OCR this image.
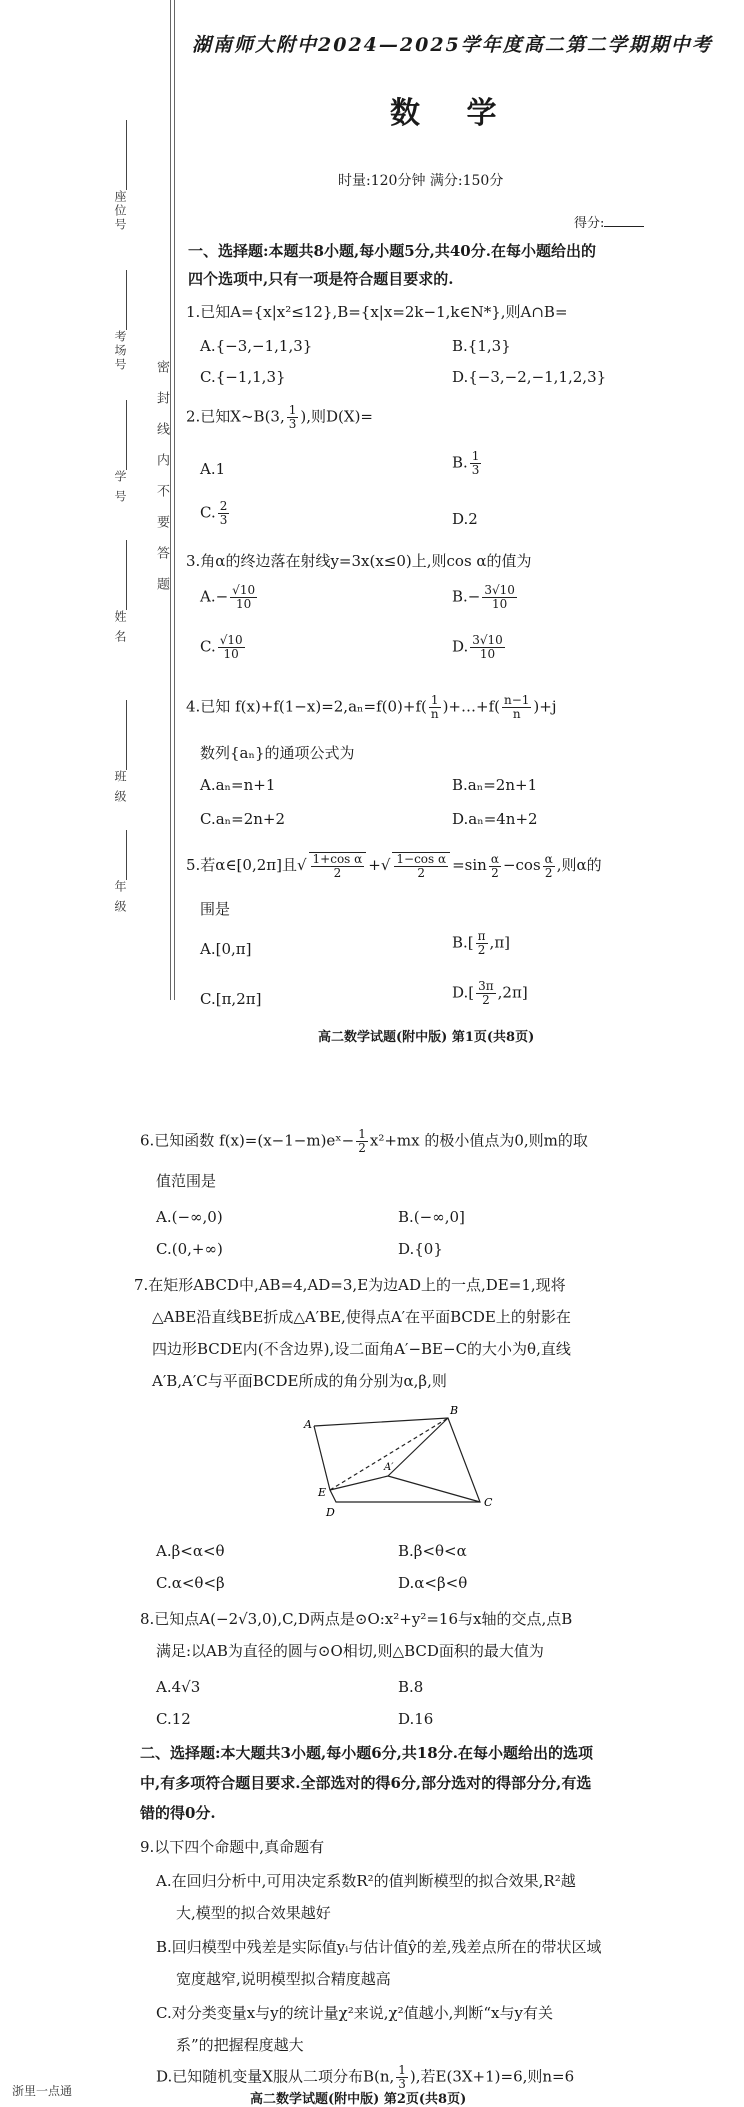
座位号
考场号
学 号
姓 名
班 级
年 级
密封线内不要答题
湖南师大附中2024—2025学年度高二第二学期期中考
数 学
时量:120分钟 满分:150分
得分:
一、选择题:本题共8小题,每小题5分,共40分.在每小题给出的
四个选项中,只有一项是符合题目要求的.
1.已知A={x|x²≤12},B={x|x=2k−1,k∈N*},则A∩B=
A.{−3,−1,1,3}	B.{1,3}
C.{−1,1,3}	D.{−3,−2,−1,1,2,3}
2.已知X~B(3, $\frac{1}{3}$ ),则D(X)=
A.1	B. $\frac{1}{3}$
C. $\frac{2}{3}$	D.2
3.角α的终边落在射线y=3x(x≤0)上,则cos α的值为
$A.- \frac{√10}{10}$	$B.- \frac{3√10}{10}$
C. $\frac{√10}{10}$	D. $\frac{3√10}{10}$
4.已知 $f(x)+f(1-x)=2,a_n=f(0)+f( \frac{1}{n}$ )+…+f( $\frac{n-1}{n} )+j$
数列{aₙ}的通项公式为
A.aₙ=n+1	B.aₙ=2n+1
C.aₙ=2n+2	D.aₙ=4n+2
5.若α∈[0,2π]且√ $\frac{\text{1+cos α}}{2}$ +√ $\frac{\text{1−cos α}}{2} =\sin \frac{\alpha}{2} -\cos \frac{\alpha}{2}$ ,则α的
围是
A.[0,π]	$B.[ \frac{\pi}{2} ,\pi]$
C.[π,2π]	$D.[ \frac{3\pi}{2} ,2\pi]$
高二数学试题(附中版) 第1页(共8页)
6.已知函数 f(x)=(x−1−m)eˣ− $\frac{1}{2} x^2+mx$ 的极小值点为0,则m的取
值范围是
A.(−∞,0)	B.(−∞,0]
C.(0,+∞)	D.{0}
7.在矩形ABCD中,AB=4,AD=3,E为边AD上的一点,DE=1,现将
△ABE沿直线BE折成△A′BE,使得点A′在平面BCDE上的射影在
四边形BCDE内(不含边界),设二面角A′−BE−C的大小为θ,直线
A′B,A′C与平面BCDE所成的角分别为α,β,则
A
B
A′
E
D
C
A.β<α<θ	B.β<θ<α
C.α<θ<β	D.α<β<θ
8.已知点A(−2√3,0),C,D两点是⊙O:x²+y²=16与x轴的交点,点B
满足:以AB为直径的圆与⊙O相切,则△BCD面积的最大值为
A.4√3	B.8
C.12	D.16
二、选择题:本大题共3小题,每小题6分,共18分.在每小题给出的选项
中,有多项符合题目要求.全部选对的得6分,部分选对的得部分分,有选
错的得0分.
9.以下四个命题中,真命题有
A.在回归分析中,可用决定系数R²的值判断模型的拟合效果,R²越
大,模型的拟合效果越好
B.回归模型中残差是实际值yᵢ与估计值ŷ的差,残差点所在的带状区域
宽度越窄,说明模型拟合精度越高
C.对分类变量x与y的统计量χ²来说,χ²值越小,判断“x与y有关
系”的把握程度越大
D.已知随机变量X服从二项分布B(n, $\frac{1}{3}$ ),若E(3X+1)=6,则n=6
高二数学试题(附中版) 第2页(共8页)
浙里一点通
